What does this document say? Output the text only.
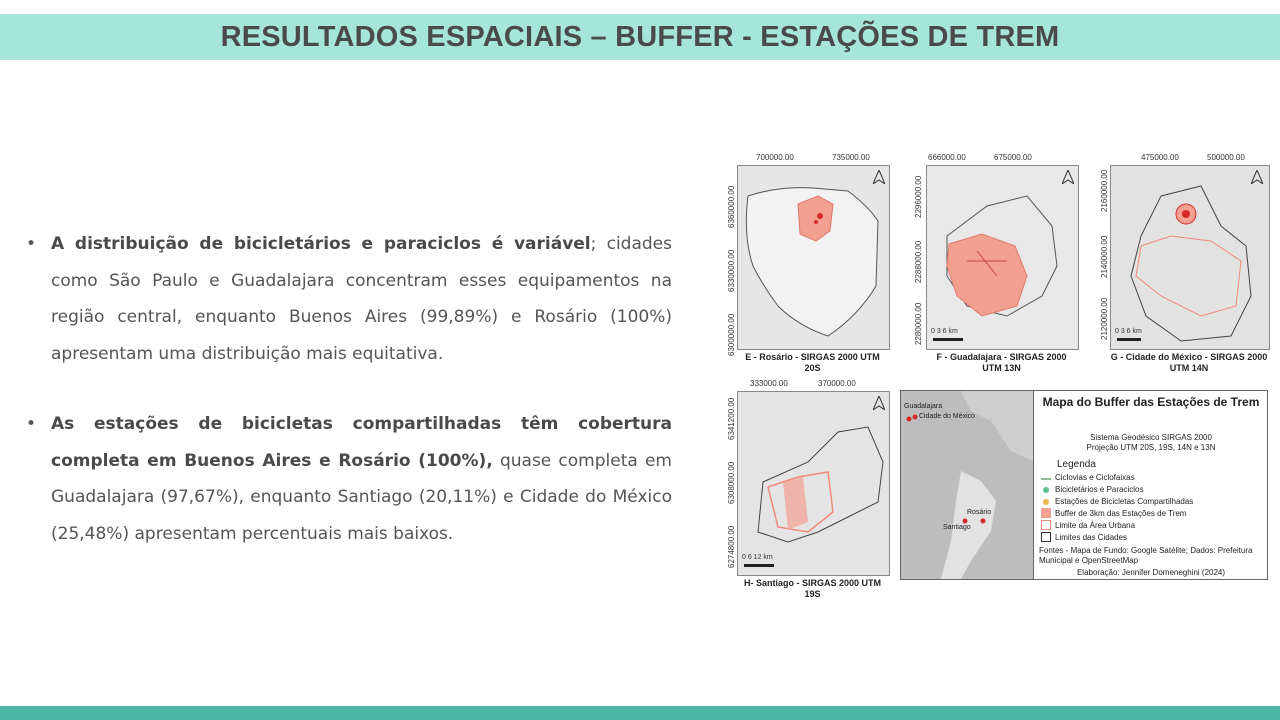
RESULTADOS ESPACIAIS – BUFFER - ESTAÇÕES DE TREM
• A distribuição de bicicletários e paraciclos é variável; cidades como São Paulo e Guadalajara concentram esses equipamentos na região central, enquanto Buenos Aires (99,89%) e Rosário (100%) apresentam uma distribuição mais equitativa.
• As estações de bicicletas compartilhadas têm cobertura completa em Buenos Aires e Rosário (100%), quase completa em Guadalajara (97,67%), enquanto Santiago (20,11%) e Cidade do México (25,48%) apresentam percentuais mais baixos.
700000.00	735000.00
6360000.00
6330000.00
6300000.00
E - Rosário - SIRGAS 2000 UTM 20S
666000.00	675000.00
2296000.00
2288000.00
2280000.00 0 3 6 km
F - Guadalajara - SIRGAS 2000 UTM 13N
475000.00	500000.00
2160000.00
2140000.00
2120000.00 0 3 6 km
G - Cidade do México - SIRGAS 2000 UTM 14N
333000.00	370000.00
6341200.00
6308000.00
6274800.00 0 6 12 km
H- Santiago - SIRGAS 2000 UTM 19S
Guadalajara
Cidade do México
Rosário
Santiago
Mapa do Buffer das Estações de Trem
Sistema Geodésico SIRGAS 2000
Projeção UTM 20S, 19S, 14N e 13N
Legenda
Ciclovias e Ciclofaixas
Bicicletários e Paraciclos
Estações de Bicicletas Compartilhadas
Buffer de 3km das Estações de Trem
Limite da Área Urbana
Limites das Cidades
Fontes - Mapa de Fundo: Google Satélite; Dados: Prefeitura Municipal e OpenStreetMap
Elaboração: Jennifer Domeneghini (2024)
